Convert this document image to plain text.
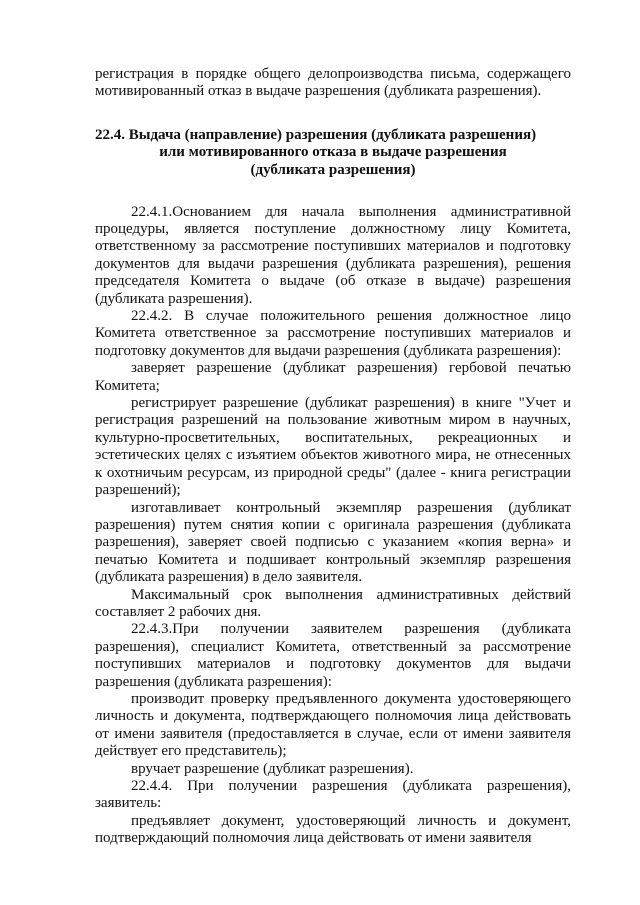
регистрация в порядке общего делопроизводства письма, содержащего мотивированный отказ в выдаче разрешения (дубликата разрешения).

22.4. Выдача (направление) разрешения (дубликата разрешения)
или мотивированного отказа в выдаче разрешения
(дубликата разрешения)

22.4.1.Основанием для начала выполнения административной процедуры, является поступление должностному лицу Комитета, ответственному за рассмотрение поступивших материалов и подготовку документов для выдачи разрешения (дубликата разрешения), решения председателя Комитета о выдаче (об отказе в выдаче) разрешения (дубликата разрешения).

22.4.2. В случае положительного решения должностное лицо Комитета ответственное за рассмотрение поступивших материалов и подготовку документов для выдачи разрешения (дубликата разрешения):

заверяет разрешение (дубликат разрешения) гербовой печатью Комитета;

регистрирует разрешение (дубликат разрешения) в книге "Учет и регистрация разрешений на пользование животным миром в научных, культурно-просветительных, воспитательных, рекреационных и эстетических целях с изъятием объектов животного мира, не отнесенных к охотничьим ресурсам, из природной среды" (далее - книга регистрации разрешений);

изготавливает контрольный экземпляр разрешения (дубликат разрешения) путем снятия копии с оригинала разрешения (дубликата разрешения), заверяет своей подписью с указанием «копия верна» и печатью Комитета и подшивает контрольный экземпляр разрешения (дубликата разрешения) в дело заявителя.

Максимальный срок выполнения административных действий составляет 2 рабочих дня.

22.4.3.При получении заявителем разрешения (дубликата разрешения), специалист Комитета, ответственный за рассмотрение поступивших материалов и подготовку документов для выдачи разрешения (дубликата разрешения):

производит проверку предъявленного документа удостоверяющего личность и документа, подтверждающего полномочия лица действовать от имени заявителя (предоставляется в случае, если от имени заявителя действует его представитель);

вручает разрешение (дубликат разрешения).

22.4.4. При получении разрешения (дубликата разрешения), заявитель:

предъявляет документ, удостоверяющий личность и документ, подтверждающий полномочия лица действовать от имени заявителя
